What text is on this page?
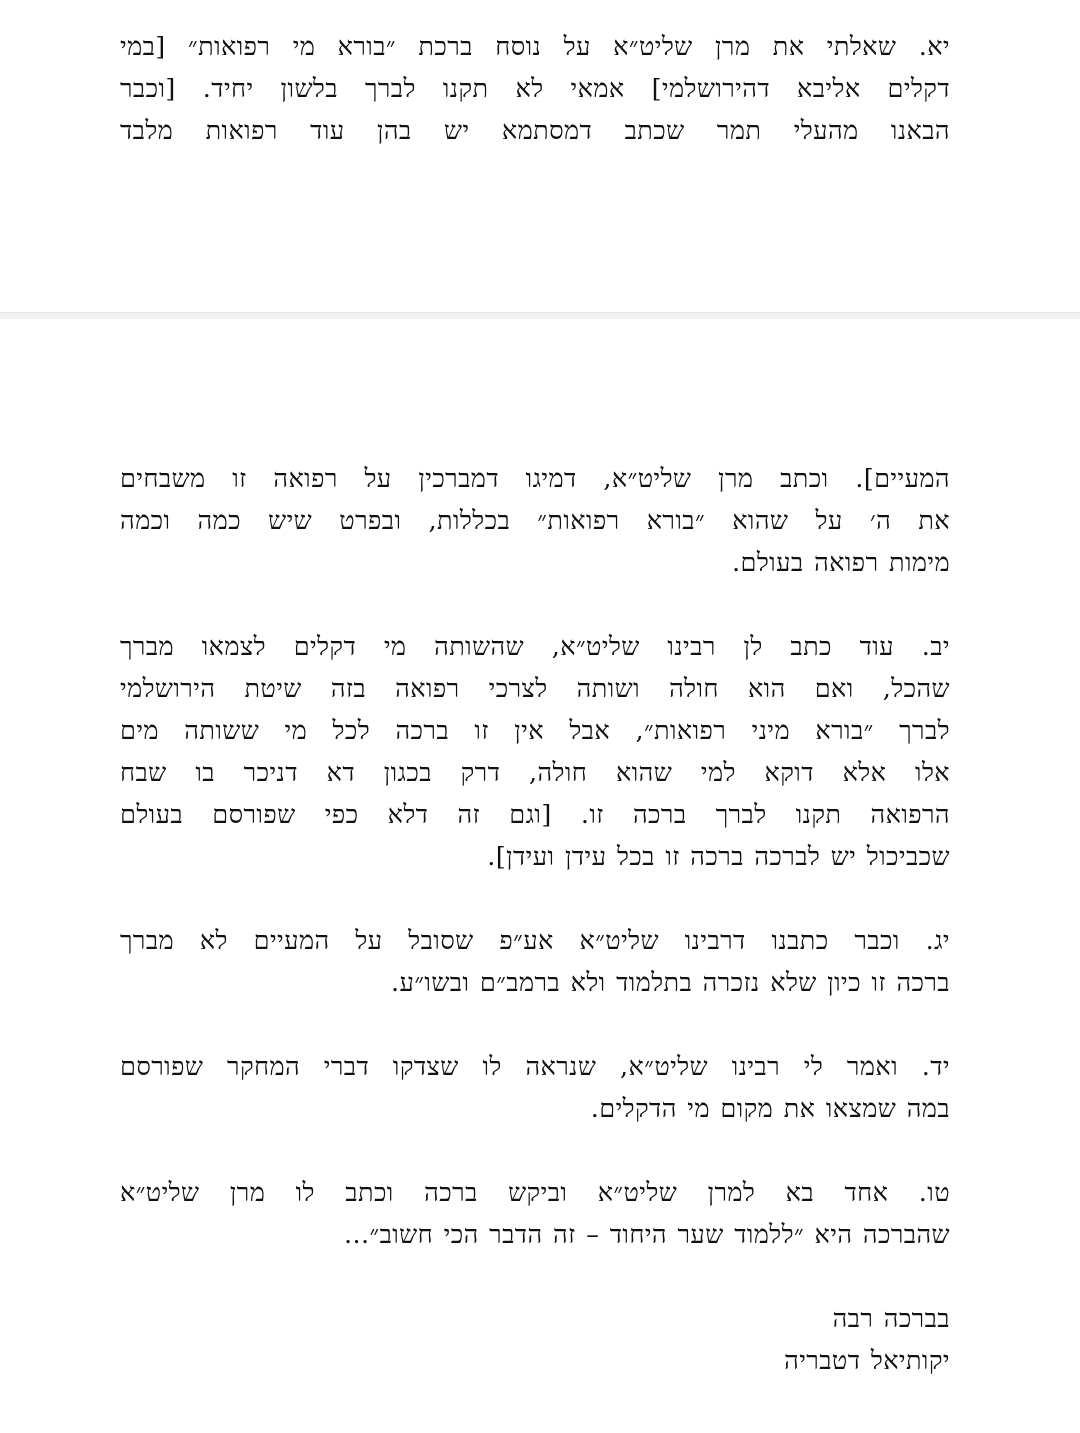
יא. שאלתי את מרן שליט״א על נוסח ברכת ״בורא מי רפואות״ [במי
דקלים אליבא דהירושלמי] אמאי לא תקנו לברך בלשון יחיד. [וכבר
הבאנו מהעלי תמר שכתב דמסתמא יש בהן עוד רפואות מלבד
המעיים]. וכתב מרן שליט״א, דמיגו דמברכין על רפואה זו משבחים
את ה׳ על שהוא ״בורא רפואות״ בכללות, ובפרט שיש כמה וכמה
מימות רפואה בעולם.
יב. עוד כתב לן רבינו שליט״א, שהשותה מי דקלים לצמאו מברך
שהכל, ואם הוא חולה ושותה לצרכי רפואה בזה שיטת הירושלמי
לברך ״בורא מיני רפואות״, אבל אין זו ברכה לכל מי ששותה מים
אלו אלא דוקא למי שהוא חולה, דרק בכגון דא דניכר בו שבח
הרפואה תקנו לברך ברכה זו. [וגם זה דלא כפי שפורסם בעולם
שכביכול יש לברכה ברכה זו בכל עידן ועידן].
יג. וכבר כתבנו דרבינו שליט״א אע״פ שסובל על המעיים לא מברך
ברכה זו כיון שלא נזכרה בתלמוד ולא ברמב״ם ובשו״ע.
יד. ואמר לי רבינו שליט״א, שנראה לו שצדקו דברי המחקר שפורסם
במה שמצאו את מקום מי הדקלים.
טו. אחד בא למרן שליט״א וביקש ברכה וכתב לו מרן שליט״א
שהברכה היא ״ללמוד שער היחוד – זה הדבר הכי חשוב״...
בברכה רבה
יקותיאל דטבריה
